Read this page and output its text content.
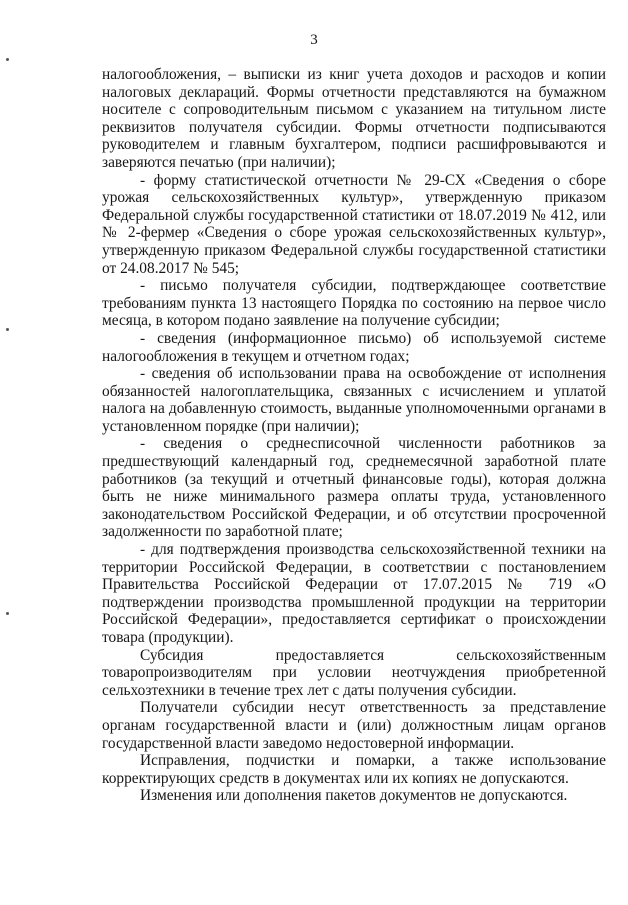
3

налогообложения, – выписки из книг учета доходов и расходов и копии налоговых деклараций. Формы отчетности представляются на бумажном носителе с сопроводительным письмом с указанием на титульном листе реквизитов получателя субсидии. Формы отчетности подписываются руководителем и главным бухгалтером, подписи расшифровываются и заверяются печатью (при наличии);

- форму статистической отчетности № 29-СХ «Сведения о сборе урожая сельскохозяйственных культур», утвержденную приказом Федеральной службы государственной статистики от 18.07.2019 № 412, или № 2-фермер «Сведения о сборе урожая сельскохозяйственных культур», утвержденную приказом Федеральной службы государственной статистики от 24.08.2017 № 545;

- письмо получателя субсидии, подтверждающее соответствие требованиям пункта 13 настоящего Порядка по состоянию на первое число месяца, в котором подано заявление на получение субсидии;

- сведения (информационное письмо) об используемой системе налогообложения в текущем и отчетном годах;

- сведения об использовании права на освобождение от исполнения обязанностей налогоплательщика, связанных с исчислением и уплатой налога на добавленную стоимость, выданные уполномоченными органами в установленном порядке (при наличии);

- сведения о среднесписочной численности работников за предшествующий календарный год, среднемесячной заработной плате работников (за текущий и отчетный финансовые годы), которая должна быть не ниже минимального размера оплаты труда, установленного законодательством Российской Федерации, и об отсутствии просроченной задолженности по заработной плате;

- для подтверждения производства сельскохозяйственной техники на территории Российской Федерации, в соответствии с постановлением Правительства Российской Федерации от 17.07.2015 № 719 «О подтверждении производства промышленной продукции на территории Российской Федерации», предоставляется сертификат о происхождении товара (продукции).

Субсидия предоставляется сельскохозяйственным товаропроизводителям при условии неотчуждения приобретенной сельхозтехники в течение трех лет с даты получения субсидии.

Получатели субсидии несут ответственность за представление органам государственной власти и (или) должностным лицам органов государственной власти заведомо недостоверной информации.

Исправления, подчистки и помарки, а также использование корректирующих средств в документах или их копиях не допускаются.

Изменения или дополнения пакетов документов не допускаются.
